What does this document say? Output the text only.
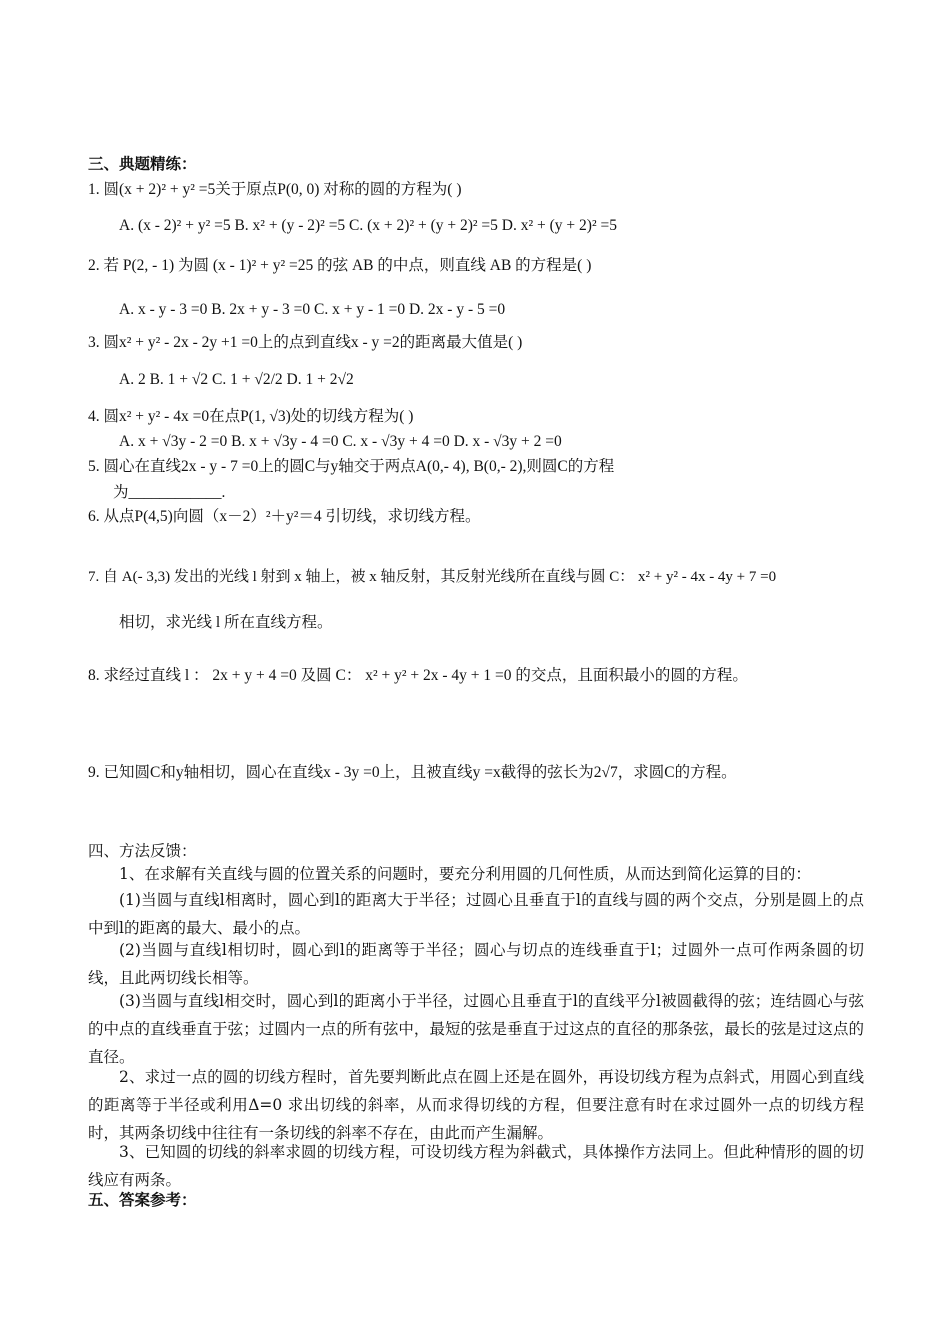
三、典题精练：
1. 圆(x + 2)² + y² =5关于原点P(0, 0) 对称的圆的方程为( )
A. (x - 2)² + y² =5 B. x² + (y - 2)² =5 C. (x + 2)² + (y + 2)² =5 D. x² + (y + 2)² =5
2. 若 P(2, - 1) 为圆 (x - 1)² + y² =25 的弦 AB 的中点，则直线 AB 的方程是( )
A. x - y - 3 =0 B. 2x + y - 3 =0 C. x + y - 1 =0 D. 2x - y - 5 =0
3. 圆x² + y² - 2x - 2y +1 =0上的点到直线x - y =2的距离最大值是( )
A. 2 B. 1 + √2 C. 1 + √2/2 D. 1 + 2√2
4. 圆x² + y² - 4x =0在点P(1, √3)处的切线方程为( )
A. x + √3y - 2 =0 B. x + √3y - 4 =0 C. x - √3y + 4 =0 D. x - √3y + 2 =0
5. 圆心在直线2x - y - 7 =0上的圆C与y轴交于两点A(0,- 4), B(0,- 2),则圆C的方程
为____________.
6. 从点P(4,5)向圆（x－2）²＋y²＝4 引切线，求切线方程。
7. 自 A(- 3,3) 发出的光线 l 射到 x 轴上，被 x 轴反射，其反射光线所在直线与圆 C： x² + y² - 4x - 4y + 7 =0
相切，求光线 l 所在直线方程。
8. 求经过直线 l ： 2x + y + 4 =0 及圆 C： x² + y² + 2x - 4y + 1 =0 的交点，且面积最小的圆的方程。
9. 已知圆C和y轴相切，圆心在直线x - 3y =0上，且被直线y =x截得的弦长为2√7，求圆C的方程。
四、方法反馈：
1、在求解有关直线与圆的位置关系的问题时，要充分利用圆的几何性质，从而达到简化运算的目的：
(1)当圆与直线l相离时，圆心到l的距离大于半径；过圆心且垂直于l的直线与圆的两个交点，分别是圆上的点中到l的距离的最大、最小的点。
(2)当圆与直线l相切时，圆心到l的距离等于半径；圆心与切点的连线垂直于l；过圆外一点可作两条圆的切线，且此两切线长相等。
(3)当圆与直线l相交时，圆心到l的距离小于半径，过圆心且垂直于l的直线平分l被圆截得的弦；连结圆心与弦的中点的直线垂直于弦；过圆内一点的所有弦中，最短的弦是垂直于过这点的直径的那条弦，最长的弦是过这点的直径。
2、求过一点的圆的切线方程时，首先要判断此点在圆上还是在圆外，再设切线方程为点斜式，用圆心到直线的距离等于半径或利用Δ=0 求出切线的斜率，从而求得切线的方程，但要注意有时在求过圆外一点的切线方程时，其两条切线中往往有一条切线的斜率不存在，由此而产生漏解。
3、已知圆的切线的斜率求圆的切线方程，可设切线方程为斜截式，具体操作方法同上。但此种情形的圆的切线应有两条。
五、答案参考：
